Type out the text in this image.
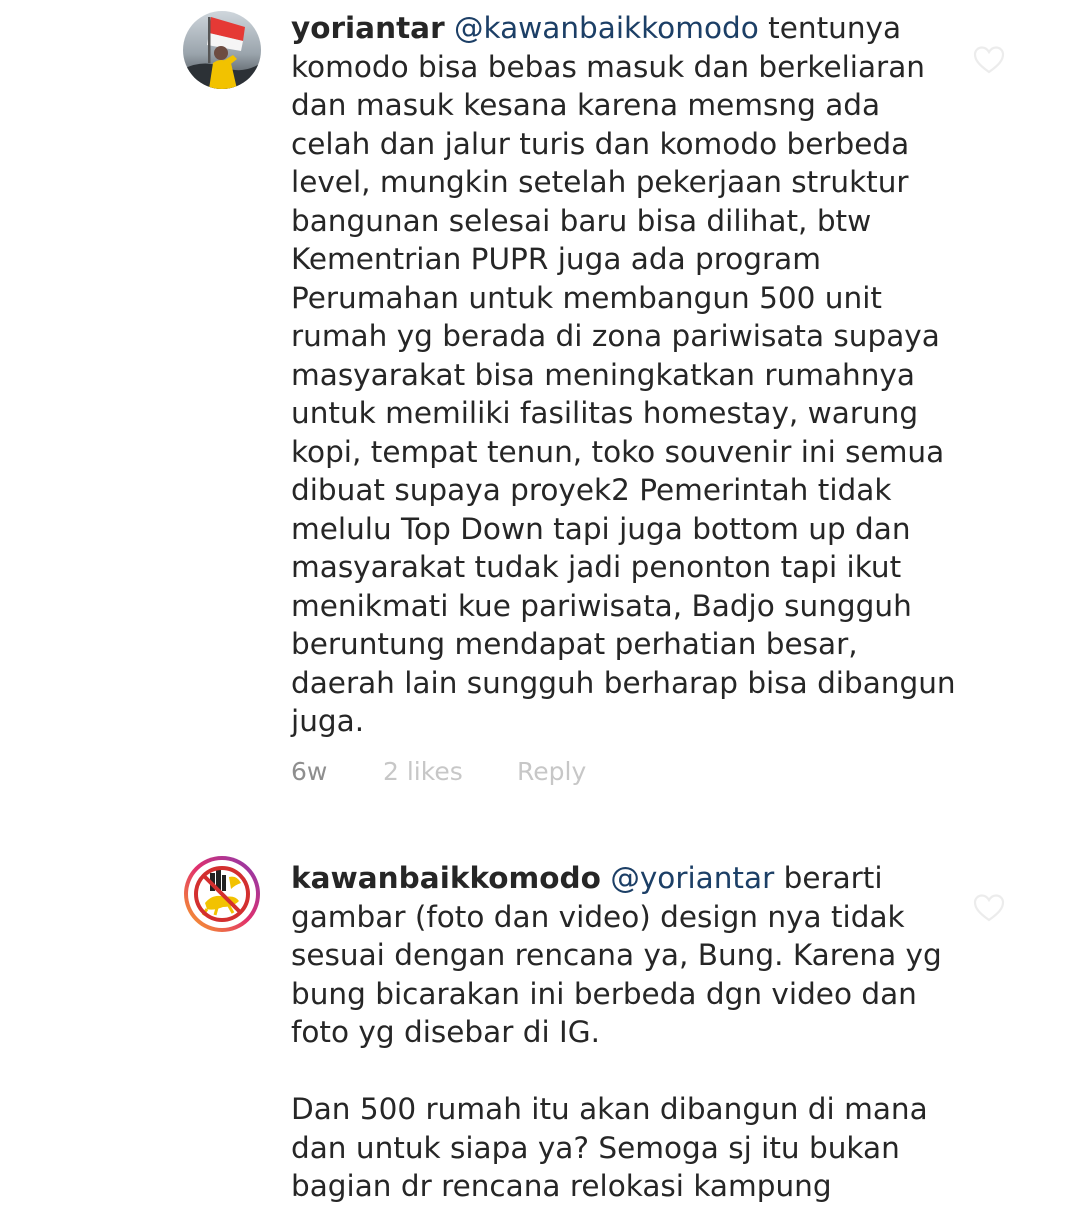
yoriantar @kawanbaikkomodo tentunya
komodo bisa bebas masuk dan berkeliaran
dan masuk kesana karena memsng ada
celah dan jalur turis dan komodo berbeda
level, mungkin setelah pekerjaan struktur
bangunan selesai baru bisa dilihat, btw
Kementrian PUPR juga ada program
Perumahan untuk membangun 500 unit
rumah yg berada di zona pariwisata supaya
masyarakat bisa meningkatkan rumahnya
untuk memiliki fasilitas homestay, warung
kopi, tempat tenun, toko souvenir ini semua
dibuat supaya proyek2 Pemerintah tidak
melulu Top Down tapi juga bottom up dan
masyarakat tudak jadi penonton tapi ikut
menikmati kue pariwisata, Badjo sungguh
beruntung mendapat perhatian besar,
daerah lain sungguh berharap bisa dibangun
juga.
6w 2 likes Reply
kawanbaikkomodo @yoriantar berarti
gambar (foto dan video) design nya tidak
sesuai dengan rencana ya, Bung. Karena yg
bung bicarakan ini berbeda dgn video dan
foto yg disebar di IG.
Dan 500 rumah itu akan dibangun di mana
dan untuk siapa ya? Semoga sj itu bukan
bagian dr rencana relokasi kampung
